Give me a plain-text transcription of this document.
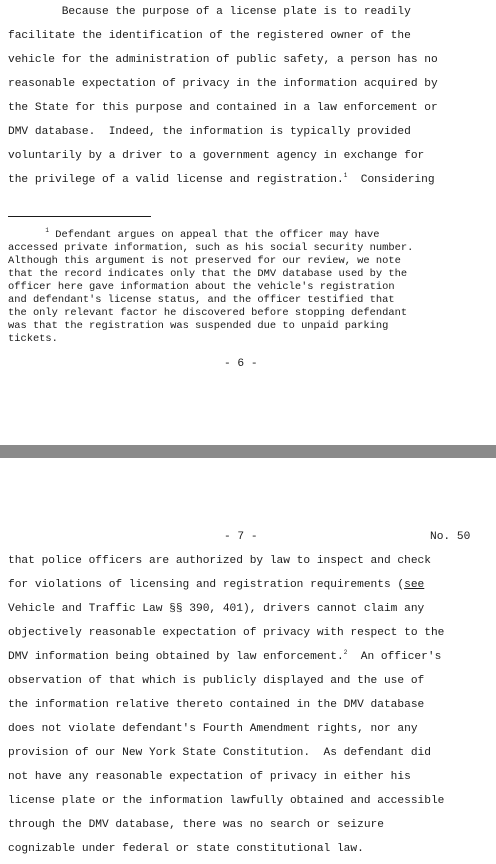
Because the purpose of a license plate is to readily
facilitate the identification of the registered owner of the
vehicle for the administration of public safety, a person has no
reasonable expectation of privacy in the information acquired by
the State for this purpose and contained in a law enforcement or
DMV database.  Indeed, the information is typically provided
voluntarily by a driver to a government agency in exchange for
the privilege of a valid license and registration.$^1$  Considering
$^1$ Defendant argues on appeal that the officer may have
accessed private information, such as his social security number.
Although this argument is not preserved for our review, we note
that the record indicates only that the DMV database used by the
officer here gave information about the vehicle's registration
and defendant's license status, and the officer testified that
the only relevant factor he discovered before stopping defendant
was that the registration was suspended due to unpaid parking
tickets.
- 6 -
- 7 -	No. 50
that police officers are authorized by law to inspect and check
for violations of licensing and registration requirements (see
Vehicle and Traffic Law §§ 390, 401), drivers cannot claim any
objectively reasonable expectation of privacy with respect to the
DMV information being obtained by law enforcement.$^2$  An officer's
observation of that which is publicly displayed and the use of
the information relative thereto contained in the DMV database
does not violate defendant's Fourth Amendment rights, nor any
provision of our New York State Constitution.  As defendant did
not have any reasonable expectation of privacy in either his
license plate or the information lawfully obtained and accessible
through the DMV database, there was no search or seizure
cognizable under federal or state constitutional law.
